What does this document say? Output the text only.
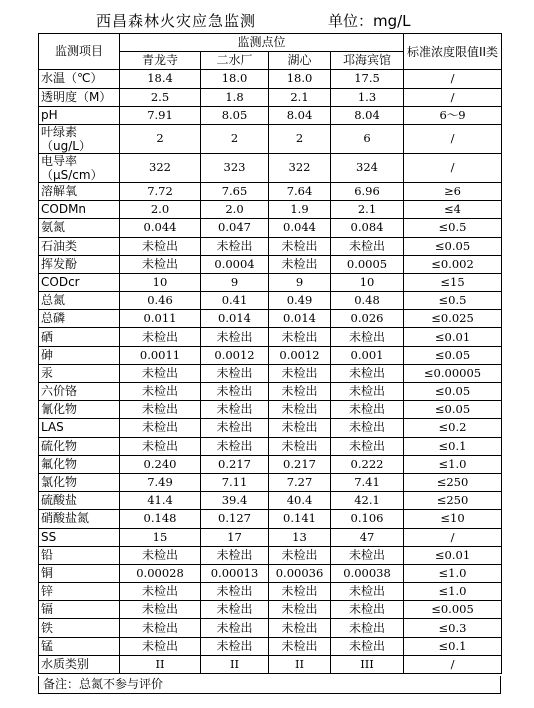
西昌森林火灾应急监测	单位：mg/L
监测项目	监测点位				标准浓度限值II类
	青龙寺	二水厂	湖心	邛海宾馆	
水温（℃）	18.4	18.0	18.0	17.5	/
透明度（M）	2.5	1.8	2.1	1.3	/
pH	7.91	8.05	8.04	8.04	6～9
叶绿素（ug/L）	2	2	2	6	/
电导率（μS/cm）	322	323	322	324	/
溶解氧	7.72	7.65	7.64	6.96	≥6
CODMn	2.0	2.0	1.9	2.1	≤4
氨氮	0.044	0.047	0.044	0.084	≤0.5
石油类	未检出	未检出	未检出	未检出	≤0.05
挥发酚	未检出	0.0004	未检出	0.0005	≤0.002
CODcr	10	9	9	10	≤15
总氮	0.46	0.41	0.49	0.48	≤0.5
总磷	0.011	0.014	0.014	0.026	≤0.025
硒	未检出	未检出	未检出	未检出	≤0.01
砷	0.0011	0.0012	0.0012	0.001	≤0.05
汞	未检出	未检出	未检出	未检出	≤0.00005
六价铬	未检出	未检出	未检出	未检出	≤0.05
氰化物	未检出	未检出	未检出	未检出	≤0.05
LAS	未检出	未检出	未检出	未检出	≤0.2
硫化物	未检出	未检出	未检出	未检出	≤0.1
氟化物	0.240	0.217	0.217	0.222	≤1.0
氯化物	7.49	7.11	7.27	7.41	≤250
硫酸盐	41.4	39.4	40.4	42.1	≤250
硝酸盐氮	0.148	0.127	0.141	0.106	≤10
SS	15	17	13	47	/
铅	未检出	未检出	未检出	未检出	≤0.01
铜	0.00028	0.00013	0.00036	0.00038	≤1.0
锌	未检出	未检出	未检出	未检出	≤1.0
镉	未检出	未检出	未检出	未检出	≤0.005
铁	未检出	未检出	未检出	未检出	≤0.3
锰	未检出	未检出	未检出	未检出	≤0.1
水质类别	II	II	II	III	/
备注：总氮不参与评价
